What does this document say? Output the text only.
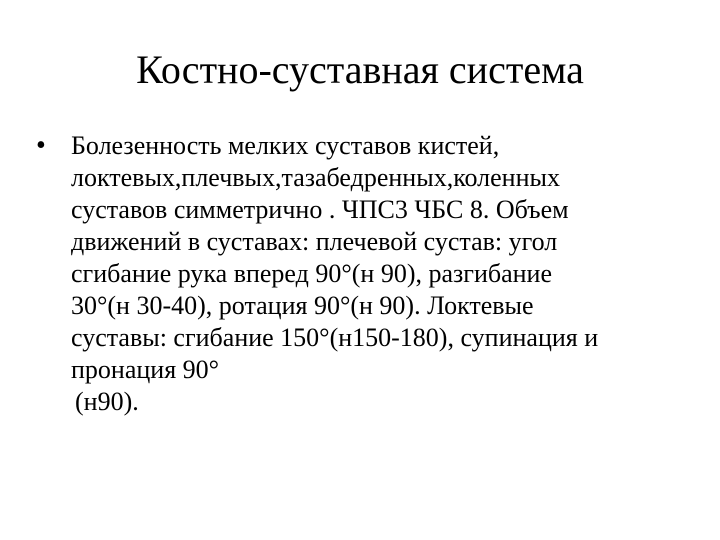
Костно-суставная система
• Болезенность мелких суставов кистей,
локтевых,плечвых,тазабедренных,коленных
суставов симметрично . ЧПС3 ЧБС 8. Объем
движений в суставах: плечевой сустав: угол
сгибание рука вперед 90°(н 90), разгибание
30°(н 30-40), ротация 90°(н 90). Локтевые
суставы: сгибание 150°(н150-180), супинация и
пронация 90°
(н90).
